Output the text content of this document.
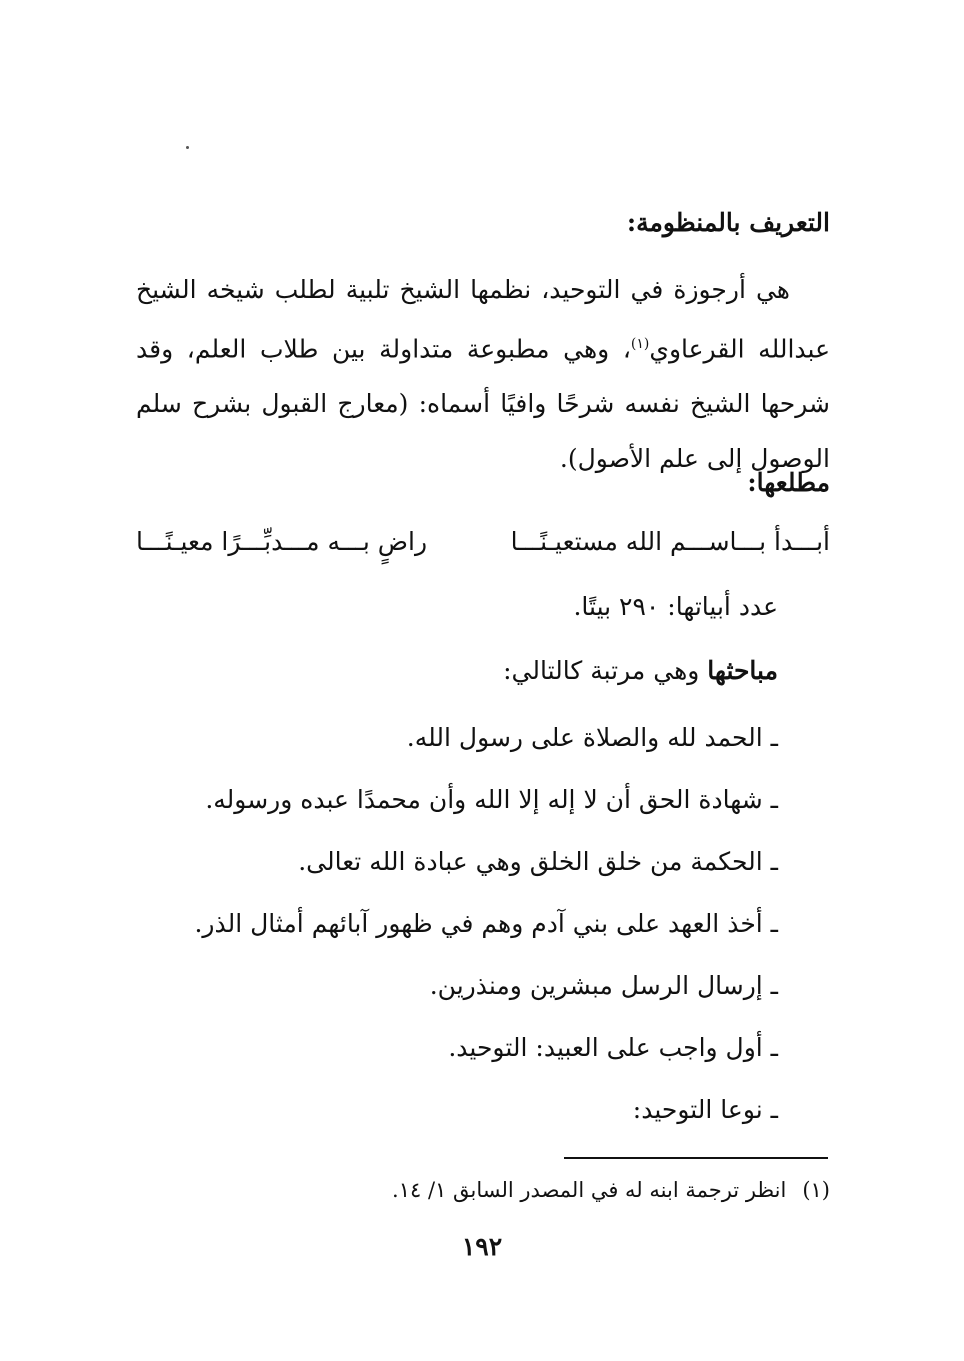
التعريف بالمنظومة:

هي أرجوزة في التوحيد، نظمها الشيخ تلبية لطلب شيخه الشيخ عبدالله القرعاوي$^{(١)}$، وهي مطبوعة متداولة بين طلاب العلم، وقد شرحها الشيخ نفسه شرحًا وافيًا أسماه: (معارج القبول بشرح سلم الوصول إلى علم الأصول).

مطلعها:
أبـــدأ بـــاســـم الله مستعيـنًـــا
راضٍ بـــه مـــدبِّـــرًا معيـنًـــا
عدد أبياتها: ٢٩٠ بيتًا.
مباحثها وهي مرتبة كالتالي:
ـ الحمد لله والصلاة على رسول الله.
ـ شهادة الحق أن لا إله إلا الله وأن محمدًا عبده ورسوله.
ـ الحكمة من خلق الخلق وهي عبادة الله تعالى.
ـ أخذ العهد على بني آدم وهم في ظهور آبائهم أمثال الذر.
ـ إرسال الرسل مبشرين ومنذرين.
ـ أول واجب على العبيد: التوحيد.
ـ نوعا التوحيد:
(١)انظر ترجمة ابنه له في المصدر السابق ١/ ١٤.
١٩٢
